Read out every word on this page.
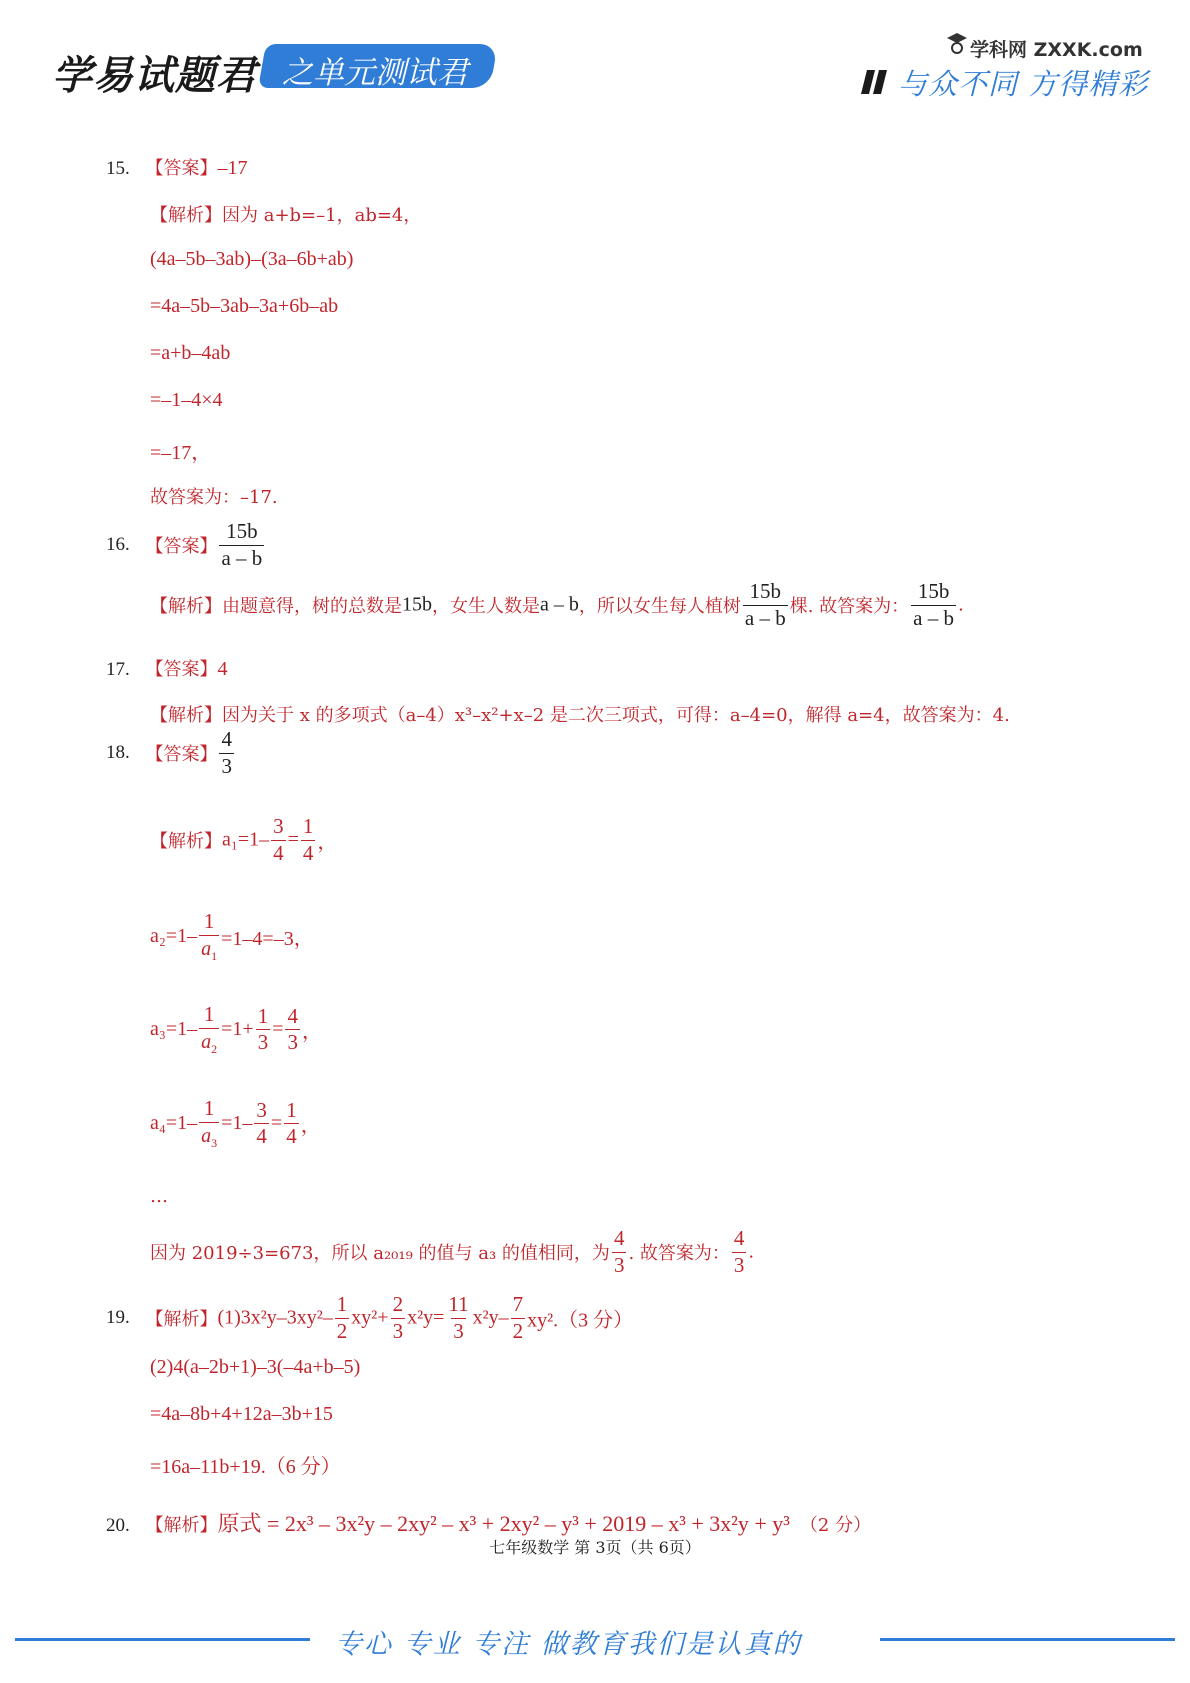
学易试题君 之单元测试君
学科网 ZXXK.com
与众不同 方得精彩
15. 【答案】–17
【解析】因为 a+b=–1，ab=4，
(4a–5b–3ab)–(3a–6b+ab)
=4a–5b–3ab–3a+6b–ab
=a+b–4ab
=–1–4×4
=–17，
故答案为：–17.
16. 【答案】 $\frac{15b}{a - b}$
【解析】由题意得，树的总数是15b，女生人数是a – b，所以女生每人植树 $\frac{15b}{a - b}$ 棵. 故答案为： $\frac{15b}{a - b}$ .
17. 【答案】4
【解析】因为关于 x 的多项式（a–4）x³–x²+x–2 是二次三项式，可得：a–4=0，解得 a=4，故答案为：4.
18. 【答案】 $\frac{4}{3}$
【解析】$a_1=1- \frac{3}{4} = \frac{1}{4}$ ，
$a_2=1- \frac{1}{a_1} =1-4=-3$，
$a_3=1- \frac{1}{a_2} =1+ \frac{1}{3} = \frac{4}{3}$ ，
$a_4=1- \frac{1}{a_3} =1- \frac{3}{4} = \frac{1}{4}$ ，
…
因为 2019÷3=673，所以 a₂₀₁₉ 的值与 a₃ 的值相同，为 $\frac{4}{3}$ . 故答案为： $\frac{4}{3}$ .
19. 【解析】$(1)3x^2y-3xy^2- \frac{1}{2} xy^2+ \frac{2}{3} x^2y= \frac{11}{3} x^2y- \frac{7}{2} xy^2.(3$ 分）
(2)4(a–2b+1)–3(–4a+b–5)
=4a–8b+4+12a–3b+15
=16a–11b+19.（6 分）
20. 【解析】原式 = 2x³ – 3x²y – 2xy² – x³ + 2xy² – y³ + 2019 – x³ + 3x²y + y³ （2 分）
七年级数学 第 3页（共 6页）
专心 专业 专注 做教育我们是认真的
